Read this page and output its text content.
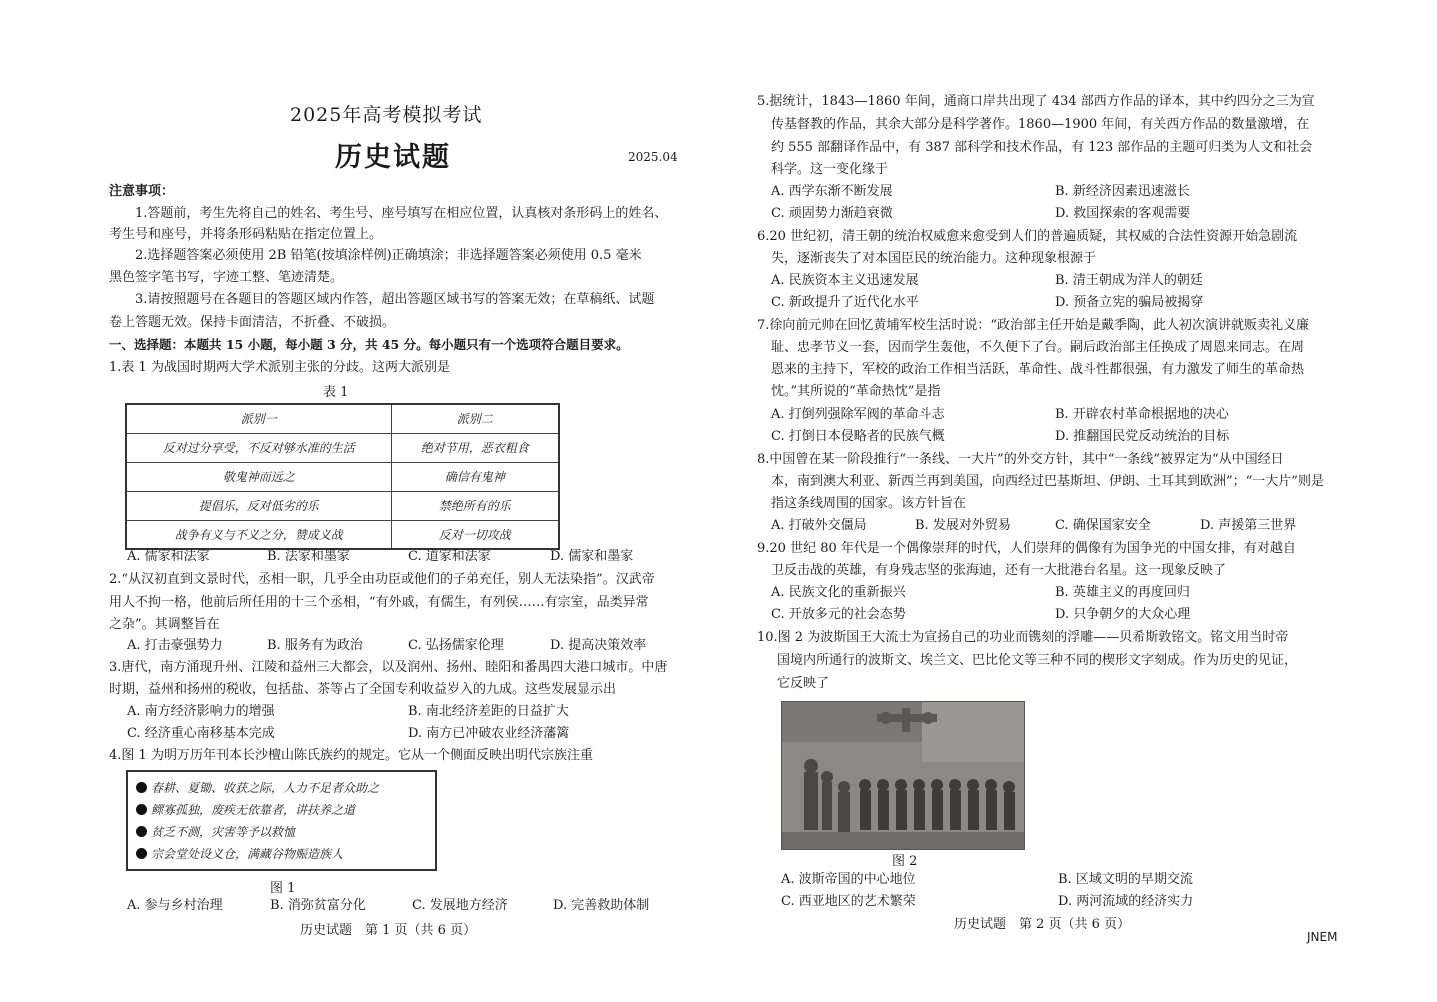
2025年高考模拟考试
历史试题	2025.04
注意事项：
1.答题前，考生先将自己的姓名、考生号、座号填写在相应位置，认真核对条形码上的姓名、
考生号和座号，并将条形码粘贴在指定位置上。
2.选择题答案必须使用 2B 铅笔(按填涂样例)正确填涂；非选择题答案必须使用 0.5 毫米
黑色签字笔书写，字迹工整、笔迹清楚。
3.请按照题号在各题目的答题区域内作答，超出答题区域书写的答案无效；在草稿纸、试题
卷上答题无效。保持卡面清洁，不折叠、不破损。
一、选择题：本题共 15 小题，每小题 3 分，共 45 分。每小题只有一个选项符合题目要求。
1.表 1 为战国时期两大学术派别主张的分歧。这两大派别是
表 1
派别一	派别二
反对过分享受，不反对够水准的生活	绝对节用，恶衣粗食
敬鬼神而远之	确信有鬼神
提倡乐，反对低劣的乐	禁绝所有的乐
战争有义与不义之分，赞成义战	反对一切攻战
A. 儒家和法家	B. 法家和墨家	C. 道家和法家	D. 儒家和墨家
2.“从汉初直到文景时代，丞相一职，几乎全由功臣或他们的子弟充任，别人无法染指”。汉武帝
用人不拘一格，他前后所任用的十三个丞相，“有外戚，有儒生，有列侯……有宗室，品类异常
之杂”。其调整旨在
A. 打击豪强势力	B. 服务有为政治	C. 弘扬儒家伦理	D. 提高决策效率
3.唐代，南方涌现升州、江陵和益州三大都会，以及润州、扬州、睦阳和番禺四大港口城市。中唐
时期，益州和扬州的税收，包括盐、茶等占了全国专利收益岁入的九成。这些发展显示出
A. 南方经济影响力的增强	B. 南北经济差距的日益扩大
C. 经济重心南移基本完成	D. 南方已冲破农业经济藩篱
4.图 1 为明万历年刊本长沙檀山陈氏族约的规定。它从一个侧面反映出明代宗族注重
春耕、夏锄、收获之际，人力不足者众助之
鳏寡孤独，废疾无依靠者，讲扶养之道
贫乏不测，灾害等予以救恤
宗会堂处设义仓，满藏谷物赈造族人
图 1
A. 参与乡村治理	B. 消弥贫富分化	C. 发展地方经济	D. 完善救助体制
历史试题　第 1 页（共 6 页）
5.据统计，1843—1860 年间，通商口岸共出现了 434 部西方作品的译本，其中约四分之三为宣
传基督教的作品，其余大部分是科学著作。1860—1900 年间，有关西方作品的数量激增，在
约 555 部翻译作品中，有 387 部科学和技术作品，有 123 部作品的主题可归类为人文和社会
科学。这一变化缘于
A. 西学东渐不断发展	B. 新经济因素迅速滋长
C. 顽固势力渐趋衰微	D. 救国探索的客观需要
6.20 世纪初，清王朝的统治权威愈来愈受到人们的普遍质疑，其权威的合法性资源开始急剧流
失，逐渐丧失了对本国臣民的统治能力。这种现象根源于
A. 民族资本主义迅速发展	B. 清王朝成为洋人的朝廷
C. 新政提升了近代化水平	D. 预备立宪的骗局被揭穿
7.徐向前元帅在回忆黄埔军校生活时说：“政治部主任开始是戴季陶，此人初次演讲就贩卖礼义廉
耻、忠孝节义一套，因而学生轰他，不久便下了台。嗣后政治部主任换成了周恩来同志。在周
恩来的主持下，军校的政治工作相当活跃，革命性、战斗性都很强，有力激发了师生的革命热
忱。”其所说的“革命热忱”是指
A. 打倒列强除军阀的革命斗志	B. 开辟农村革命根据地的决心
C. 打倒日本侵略者的民族气概	D. 推翻国民党反动统治的目标
8.中国曾在某一阶段推行“一条线、一大片”的外交方针，其中“一条线”被界定为“从中国经日
本，南到澳大利亚、新西兰再到美国，向西经过巴基斯坦、伊朗、土耳其到欧洲”；“一大片”则是
指这条线周围的国家。该方针旨在
A. 打破外交僵局	B. 发展对外贸易	C. 确保国家安全	D. 声援第三世界
9.20 世纪 80 年代是一个偶像崇拜的时代，人们崇拜的偶像有为国争光的中国女排，有对越自
卫反击战的英雄，有身残志坚的张海迪，还有一大批港台名星。这一现象反映了
A. 民族文化的重新振兴	B. 英雄主义的再度回归
C. 开放多元的社会态势	D. 只争朝夕的大众心理
10.图 2 为波斯国王大流士为宣扬自己的功业而镌刻的浮雕——贝希斯敦铭文。铭文用当时帝
国境内所通行的波斯文、埃兰文、巴比伦文等三种不同的楔形文字刻成。作为历史的见证，
它反映了
图 2
A. 波斯帝国的中心地位	B. 区域文明的早期交流
C. 西亚地区的艺术繁荣	D. 两河流域的经济实力
历史试题　第 2 页（共 6 页）
JNEM
